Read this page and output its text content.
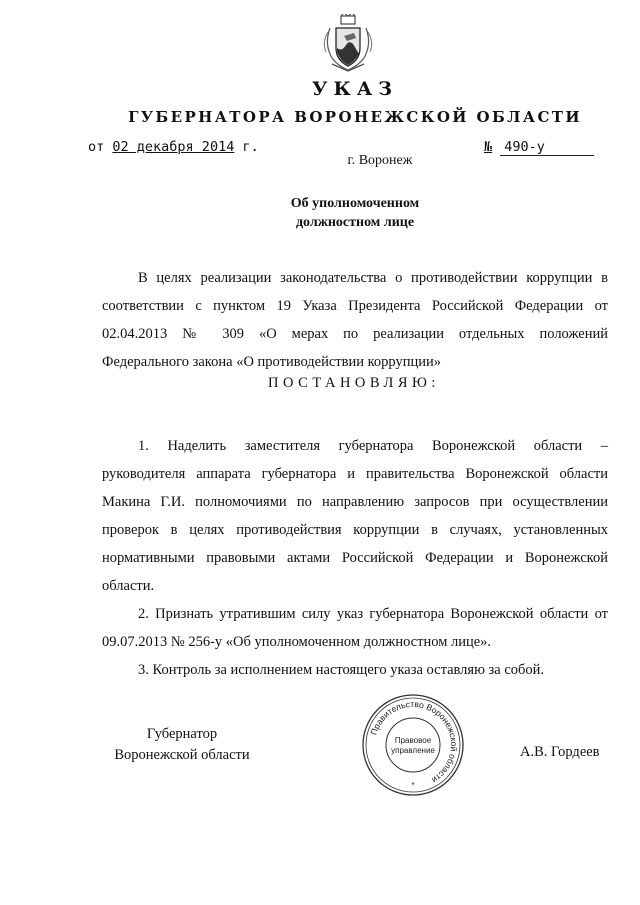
УКАЗ
ГУБЕРНАТОРА ВОРОНЕЖСКОЙ ОБЛАСТИ
от 02 декабря 2014 г.	№ 490-у
г. Воронеж
Об уполномоченном
должностном лице
В целях реализации законодательства о противодействии коррупции в
соответствии с пунктом 19 Указа Президента Российской Федерации от
02.04.2013 № 309 «О мерах по реализации отдельных положений
Федерального закона «О противодействии коррупции»
ПОСТАНОВЛЯЮ:
1. Наделить заместителя губернатора Воронежской области –
руководителя аппарата губернатора и правительства Воронежской области
Макина Г.И. полномочиями по направлению запросов при осуществлении
проверок в целях противодействия коррупции в случаях, установленных
нормативными правовыми актами Российской Федерации и Воронежской
области.
2. Признать утратившим силу указ губернатора Воронежской области от
09.07.2013 № 256-у «Об уполномоченном должностном лице».
3. Контроль за исполнением настоящего указа оставляю за собой.
Губернатор
Воронежской области
Правительство Воронежской области
Правовое
управление
*
А.В. Гордеев
